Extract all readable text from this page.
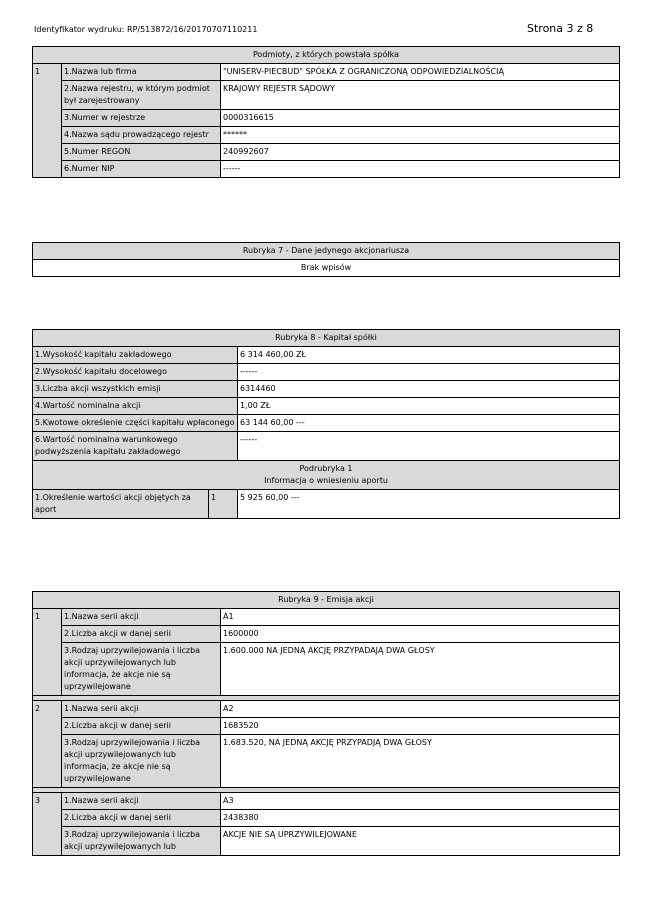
Identyfikator wydruku: RP/513872/16/20170707110211	Strona 3 z 8
Podmioty, z których powstała spółka		
1	1.Nazwa lub firma	"UNISERV-PIECBUD" SPÓŁKA Z OGRANICZONĄ ODPOWIEDZIALNOŚCIĄ
	2.Nazwa rejestru, w którym podmiot był zarejestrowany	KRAJOWY REJESTR SĄDOWY
	3.Numer w rejestrze	0000316615
	4.Nazwa sądu prowadzącego rejestr	******
	5.Numer REGON	240992607
	6.Numer NIP	------
Rubryka 7 - Dane jedynego akcjonariusza
Brak wpisów
Rubryka 8 - Kapitał spółki		
1.Wysokość kapitału zakładowego		6 314 460,00 ZŁ
2.Wysokość kapitału docelowego		------
3.Liczba akcji wszystkich emisji		6314460
4.Wartość nominalna akcji		1,00 ZŁ
5.Kwotowe określenie części kapitału wpłaconego		63 144 60,00 ---
6.Wartość nominalna warunkowego podwyższenia kapitału zakładowego		------

Podrubryka 1
Informacja o wniesieniu aportu		

1.Określenie wartości akcji objętych za aport	1	5 925 60,00 ---
Rubryka 9 - Emisja akcji		
1	1.Nazwa serii akcji	A1
	2.Liczba akcji w danej serii	1600000
	3.Rodzaj uprzywilejowania i liczba akcji uprzywilejowanych lub informacja, że akcje nie są uprzywilejowane	1.600.000 NA JEDNĄ AKCJĘ PRZYPADAJĄ DWA GŁOSY

2	1.Nazwa serii akcji	A2
	2.Liczba akcji w danej serii	1683520
	3.Rodzaj uprzywilejowania i liczba akcji uprzywilejowanych lub informacja, że akcje nie są uprzywilejowane	1.683.520, NA JEDNĄ AKCJĘ PRZYPADJĄ DWA GŁOSY

3	1.Nazwa serii akcji	A3
	2.Liczba akcji w danej serii	2438380
	3.Rodzaj uprzywilejowania i liczba akcji uprzywilejowanych lub	AKCJE NIE SĄ UPRZYWILEJOWANE
